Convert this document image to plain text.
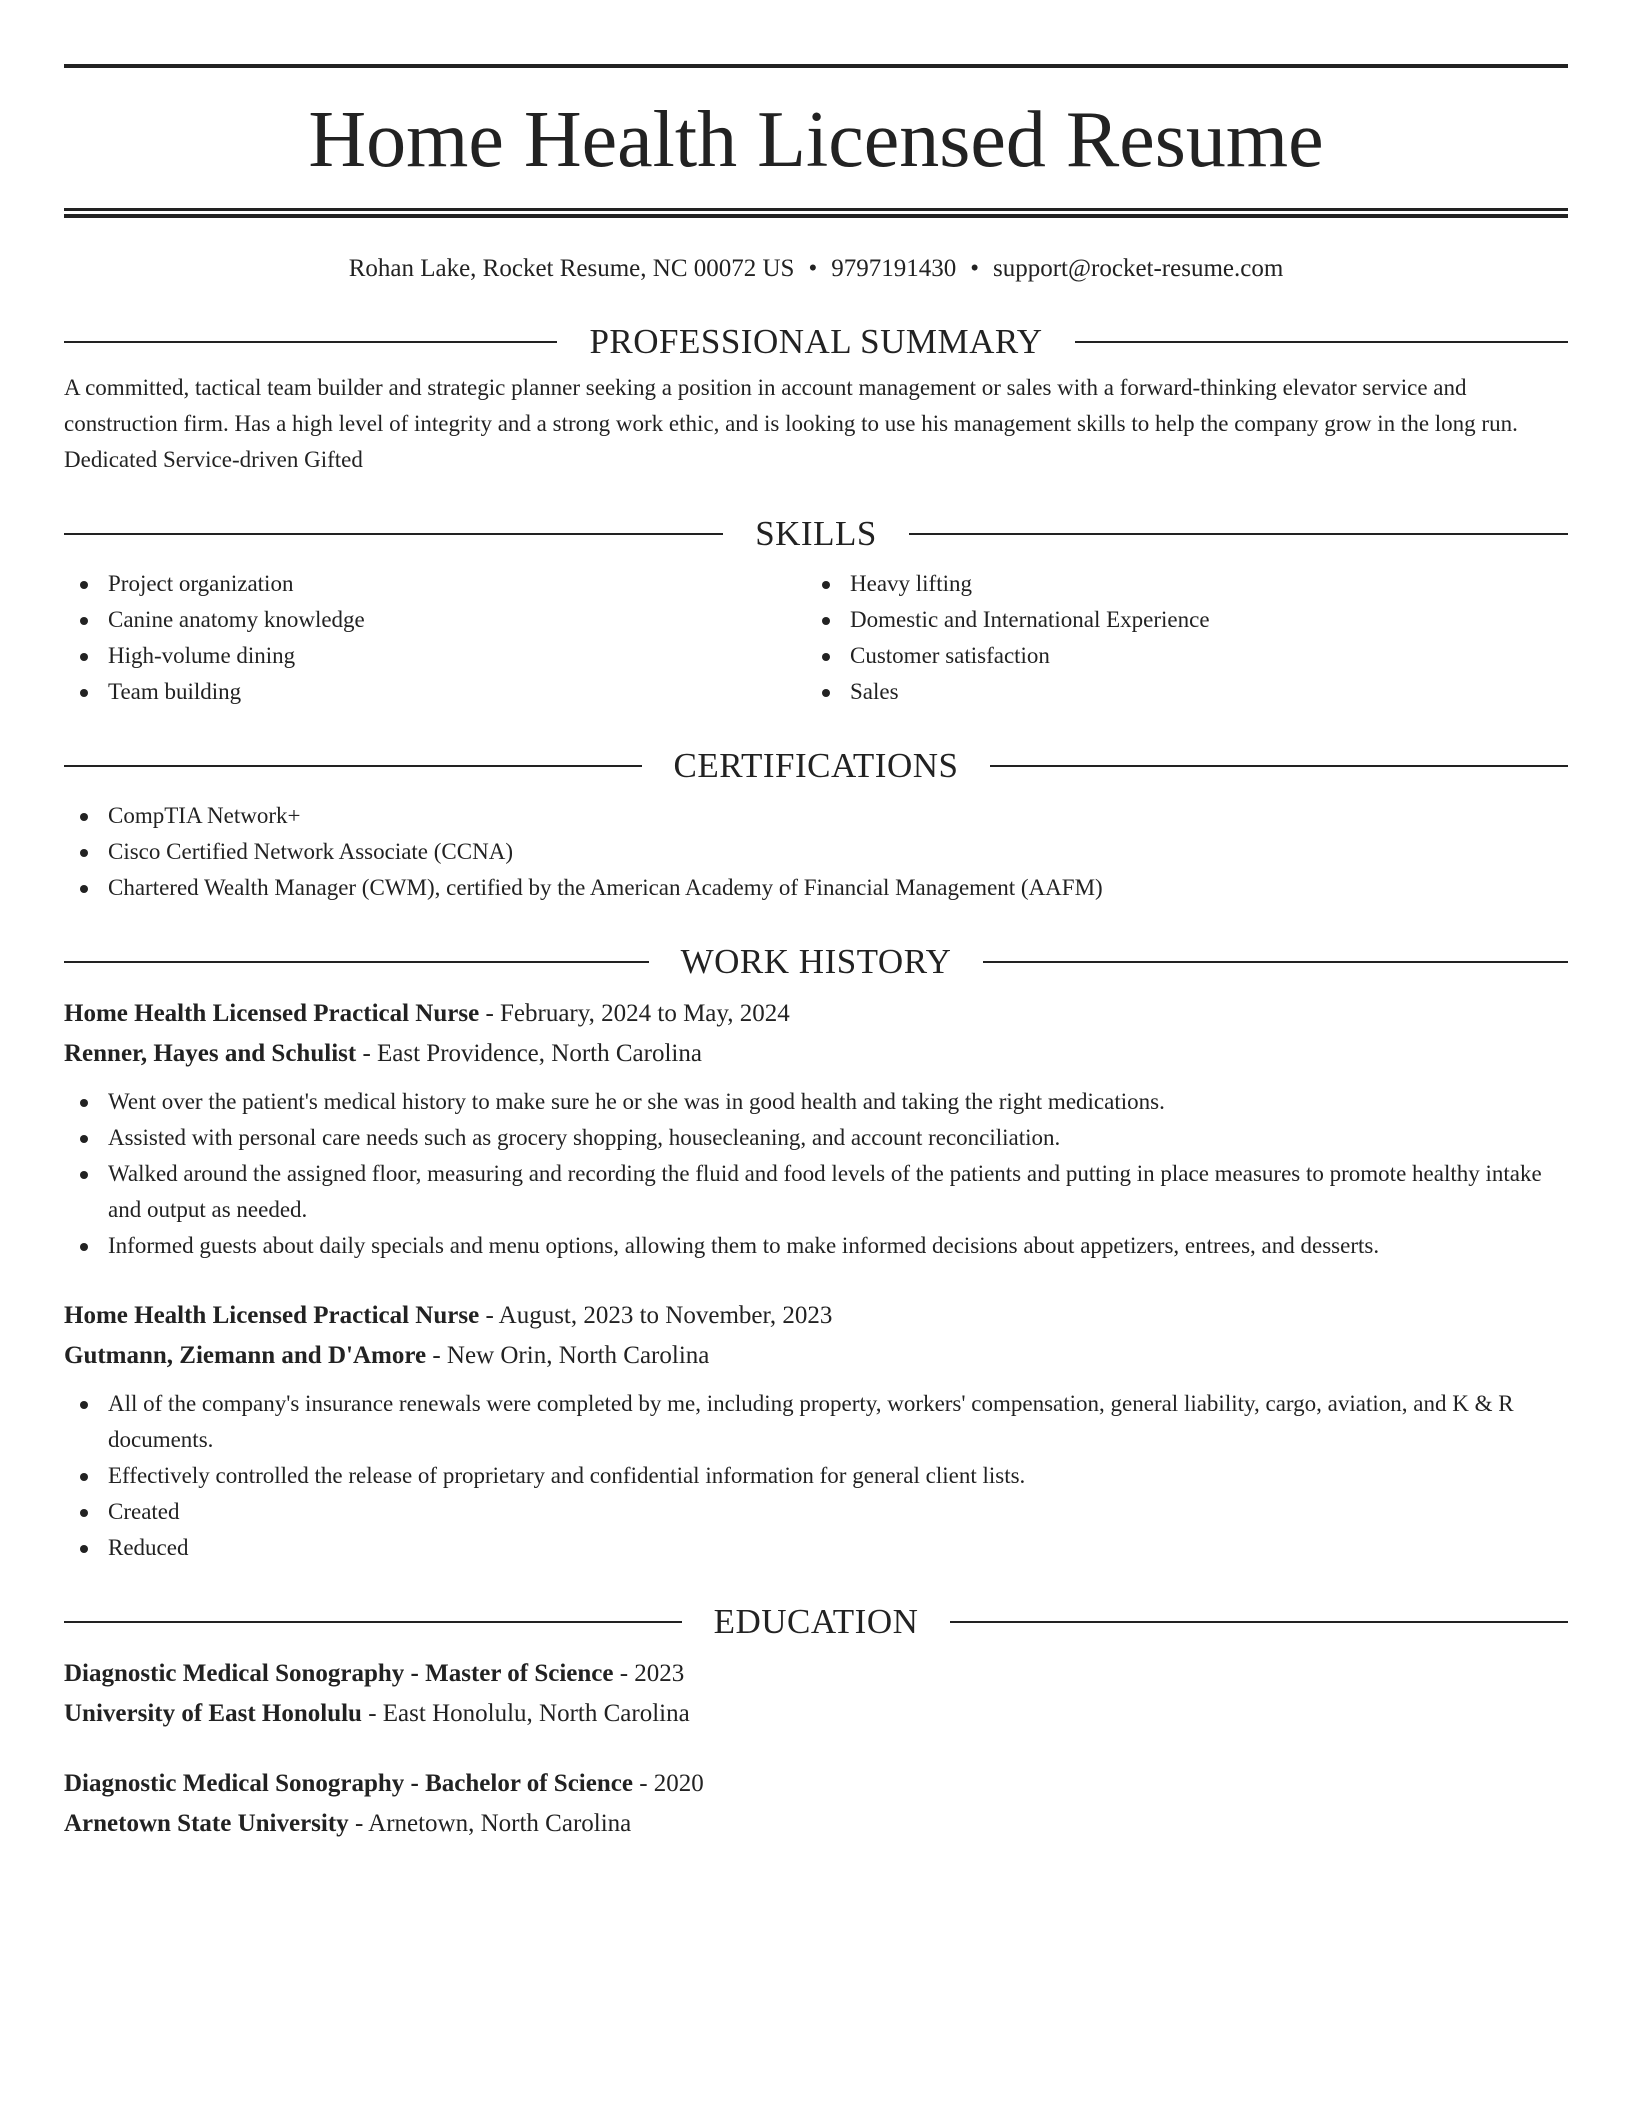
Home Health Licensed Resume
Rohan Lake, Rocket Resume, NC 00072 US • 9797191430 • support@rocket-resume.com
PROFESSIONAL SUMMARY

A committed, tactical team builder and strategic planner seeking a position in account management or sales with a forward-thinking elevator service and construction firm. Has a high level of integrity and a strong work ethic, and is looking to use his management skills to help the company grow in the long run. Dedicated Service-driven Gifted

SKILLS
Project organization
Canine anatomy knowledge
High-volume dining
Team building
Heavy lifting
Domestic and International Experience
Customer satisfaction
Sales
CERTIFICATIONS
CompTIA Network+
Cisco Certified Network Associate (CCNA)
Chartered Wealth Manager (CWM), certified by the American Academy of Financial Management (AAFM)
WORK HISTORY
Home Health Licensed Practical Nurse - February, 2024 to May, 2024
Renner, Hayes and Schulist - East Providence, North Carolina
Went over the patient's medical history to make sure he or she was in good health and taking the right medications.
Assisted with personal care needs such as grocery shopping, housecleaning, and account reconciliation.
Walked around the assigned floor, measuring and recording the fluid and food levels of the patients and putting in place measures to promote healthy intake and output as needed.
Informed guests about daily specials and menu options, allowing them to make informed decisions about appetizers, entrees, and desserts.
Home Health Licensed Practical Nurse - August, 2023 to November, 2023
Gutmann, Ziemann and D'Amore - New Orin, North Carolina
All of the company's insurance renewals were completed by me, including property, workers' compensation, general liability, cargo, aviation, and K & R documents.
Effectively controlled the release of proprietary and confidential information for general client lists.
Created
Reduced
EDUCATION
Diagnostic Medical Sonography - Master of Science - 2023
University of East Honolulu - East Honolulu, North Carolina
Diagnostic Medical Sonography - Bachelor of Science - 2020
Arnetown State University - Arnetown, North Carolina
